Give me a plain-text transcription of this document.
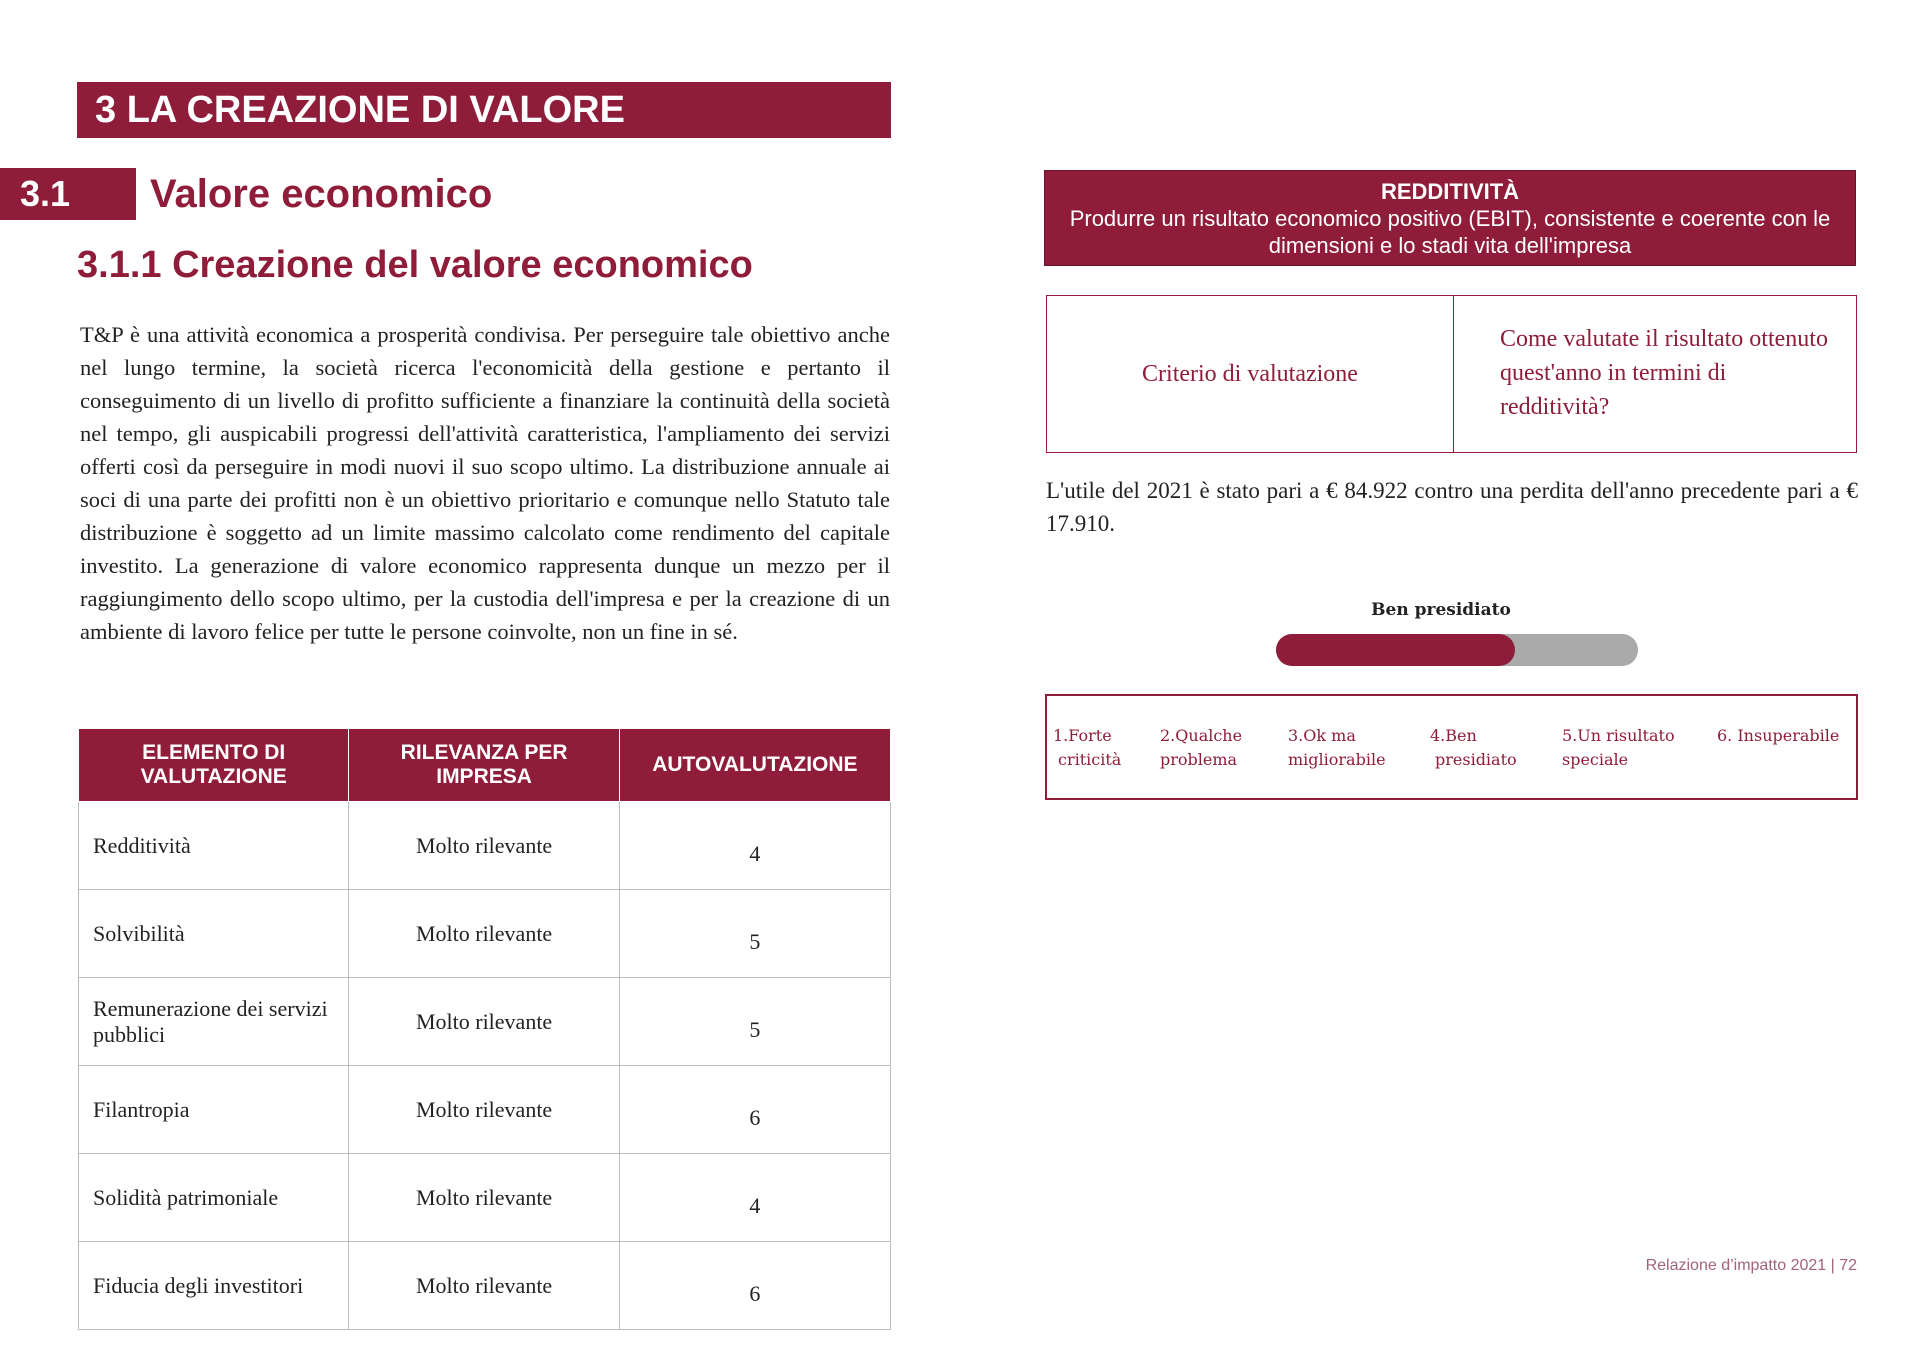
3 LA CREAZIONE DI VALORE
3.1	Valore economico
3.1.1 Creazione del valore economico

T&P è una attività economica a prosperità condivisa. Per perseguire tale obiettivo anche nel lungo termine, la società ricerca l'economicità della gestione e pertanto il conseguimento di un livello di profitto sufficiente a finanziare la continuità della società nel tempo, gli auspicabili progressi dell'attività caratteristica, l'ampliamento dei servizi offerti così da perseguire in modi nuovi il suo scopo ultimo. La distribuzione annuale ai soci di una parte dei profitti non è un obiettivo prioritario e comunque nello Statuto tale distribuzione è soggetto ad un limite massimo calcolato come rendimento del capitale investito. La generazione di valore economico rappresenta dunque un mezzo per il raggiungimento dello scopo ultimo, per la custodia dell'impresa e per la creazione di un ambiente di lavoro felice per tutte le persone coinvolte, non un fine in sé.

ELEMENTO DI VALUTAZIONE	RILEVANZA PER IMPRESA	AUTOVALUTAZIONE
Redditività	Molto rilevante	4
Solvibilità	Molto rilevante	5
Remunerazione dei servizi pubblici	Molto rilevante	5
Filantropia	Molto rilevante	6
Solidità patrimoniale	Molto rilevante	4
Fiducia degli investitori	Molto rilevante	6
REDDITIVITÀ
Produrre un risultato economico positivo (EBIT), consistente e coerente con le dimensioni e lo stadi vita dell'impresa
Criterio di valutazione
Come valutate il risultato ottenuto quest'anno in termini di redditività?

L'utile del 2021 è stato pari a € 84.922 contro una perdita dell'anno precedente pari a € 17.910.

Ben presidiato
1.Forte
criticità
2.Qualche
problema
3.Ok ma
migliorabile
4.Ben
presidiato
5.Un risultato
speciale
6. Insuperabile
Relazione d’impatto 2021 | 72
